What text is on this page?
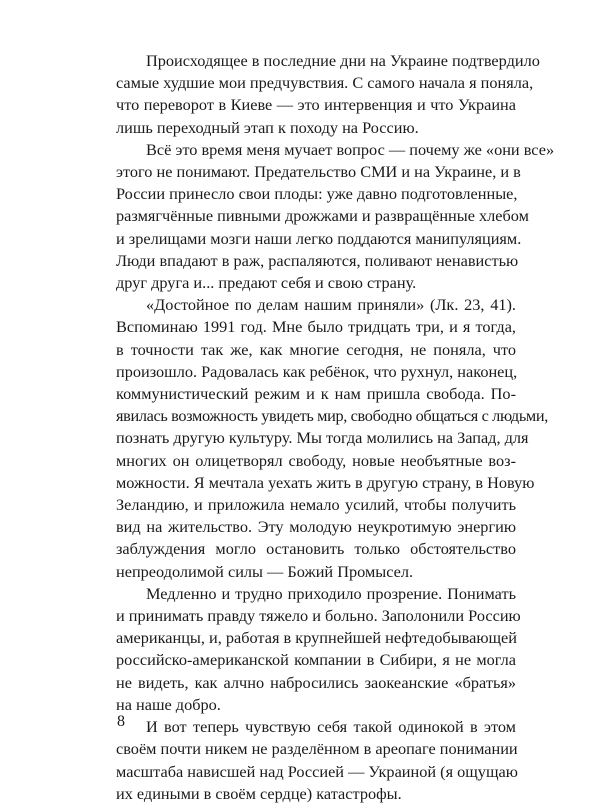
Происходящее в последние дни на Украине подтвердило
самые худшие мои предчувствия. С самого начала я поняла,
что переворот в Киеве — это интервенция и что Украина
лишь переходный этап к походу на Россию.

Всё это время меня мучает вопрос — почему же «они все»
этого не понимают. Предательство СМИ и на Украине, и в
России принесло свои плоды: уже давно подготовленные,
размягчённые пивными дрожжами и развращённые хлебом
и зрелищами мозги наши легко поддаются манипуляциям.
Люди впадают в раж, распаляются, поливают ненавистью
друг друга и... предают себя и свою страну.

«Достойное по делам нашим приняли» (Лк. 23, 41).
Вспоминаю 1991 год. Мне было тридцать три, и я тогда,
в точности так же, как многие сегодня, не поняла, что
произошло. Радовалась как ребёнок, что рухнул, наконец,
коммунистический режим и к нам пришла свобода. По-
явилась возможность увидеть мир, свободно общаться с людьми,
познать другую культуру. Мы тогда молились на Запад, для
многих он олицетворял свободу, новые необъятные воз-
можности. Я мечтала уехать жить в другую страну, в Новую
Зеландию, и приложила немало усилий, чтобы получить
вид на жительство. Эту молодую неукротимую энергию
заблуждения могло остановить только обстоятельство
непреодолимой силы — Божий Промысел.

Медленно и трудно приходило прозрение. Понимать
и принимать правду тяжело и больно. Заполонили Россию
американцы, и, работая в крупнейшей нефтедобывающей
российско-американской компании в Сибири, я не могла
не видеть, как алчно набросились заокеанские «братья»
на наше добро.

И вот теперь чувствую себя такой одинокой в этом
своём почти никем не разделённом в ареопаге понимании
масштаба нависшей над Россией — Украиной (я ощущаю
их едиными в своём сердце) катастрофы.

8
